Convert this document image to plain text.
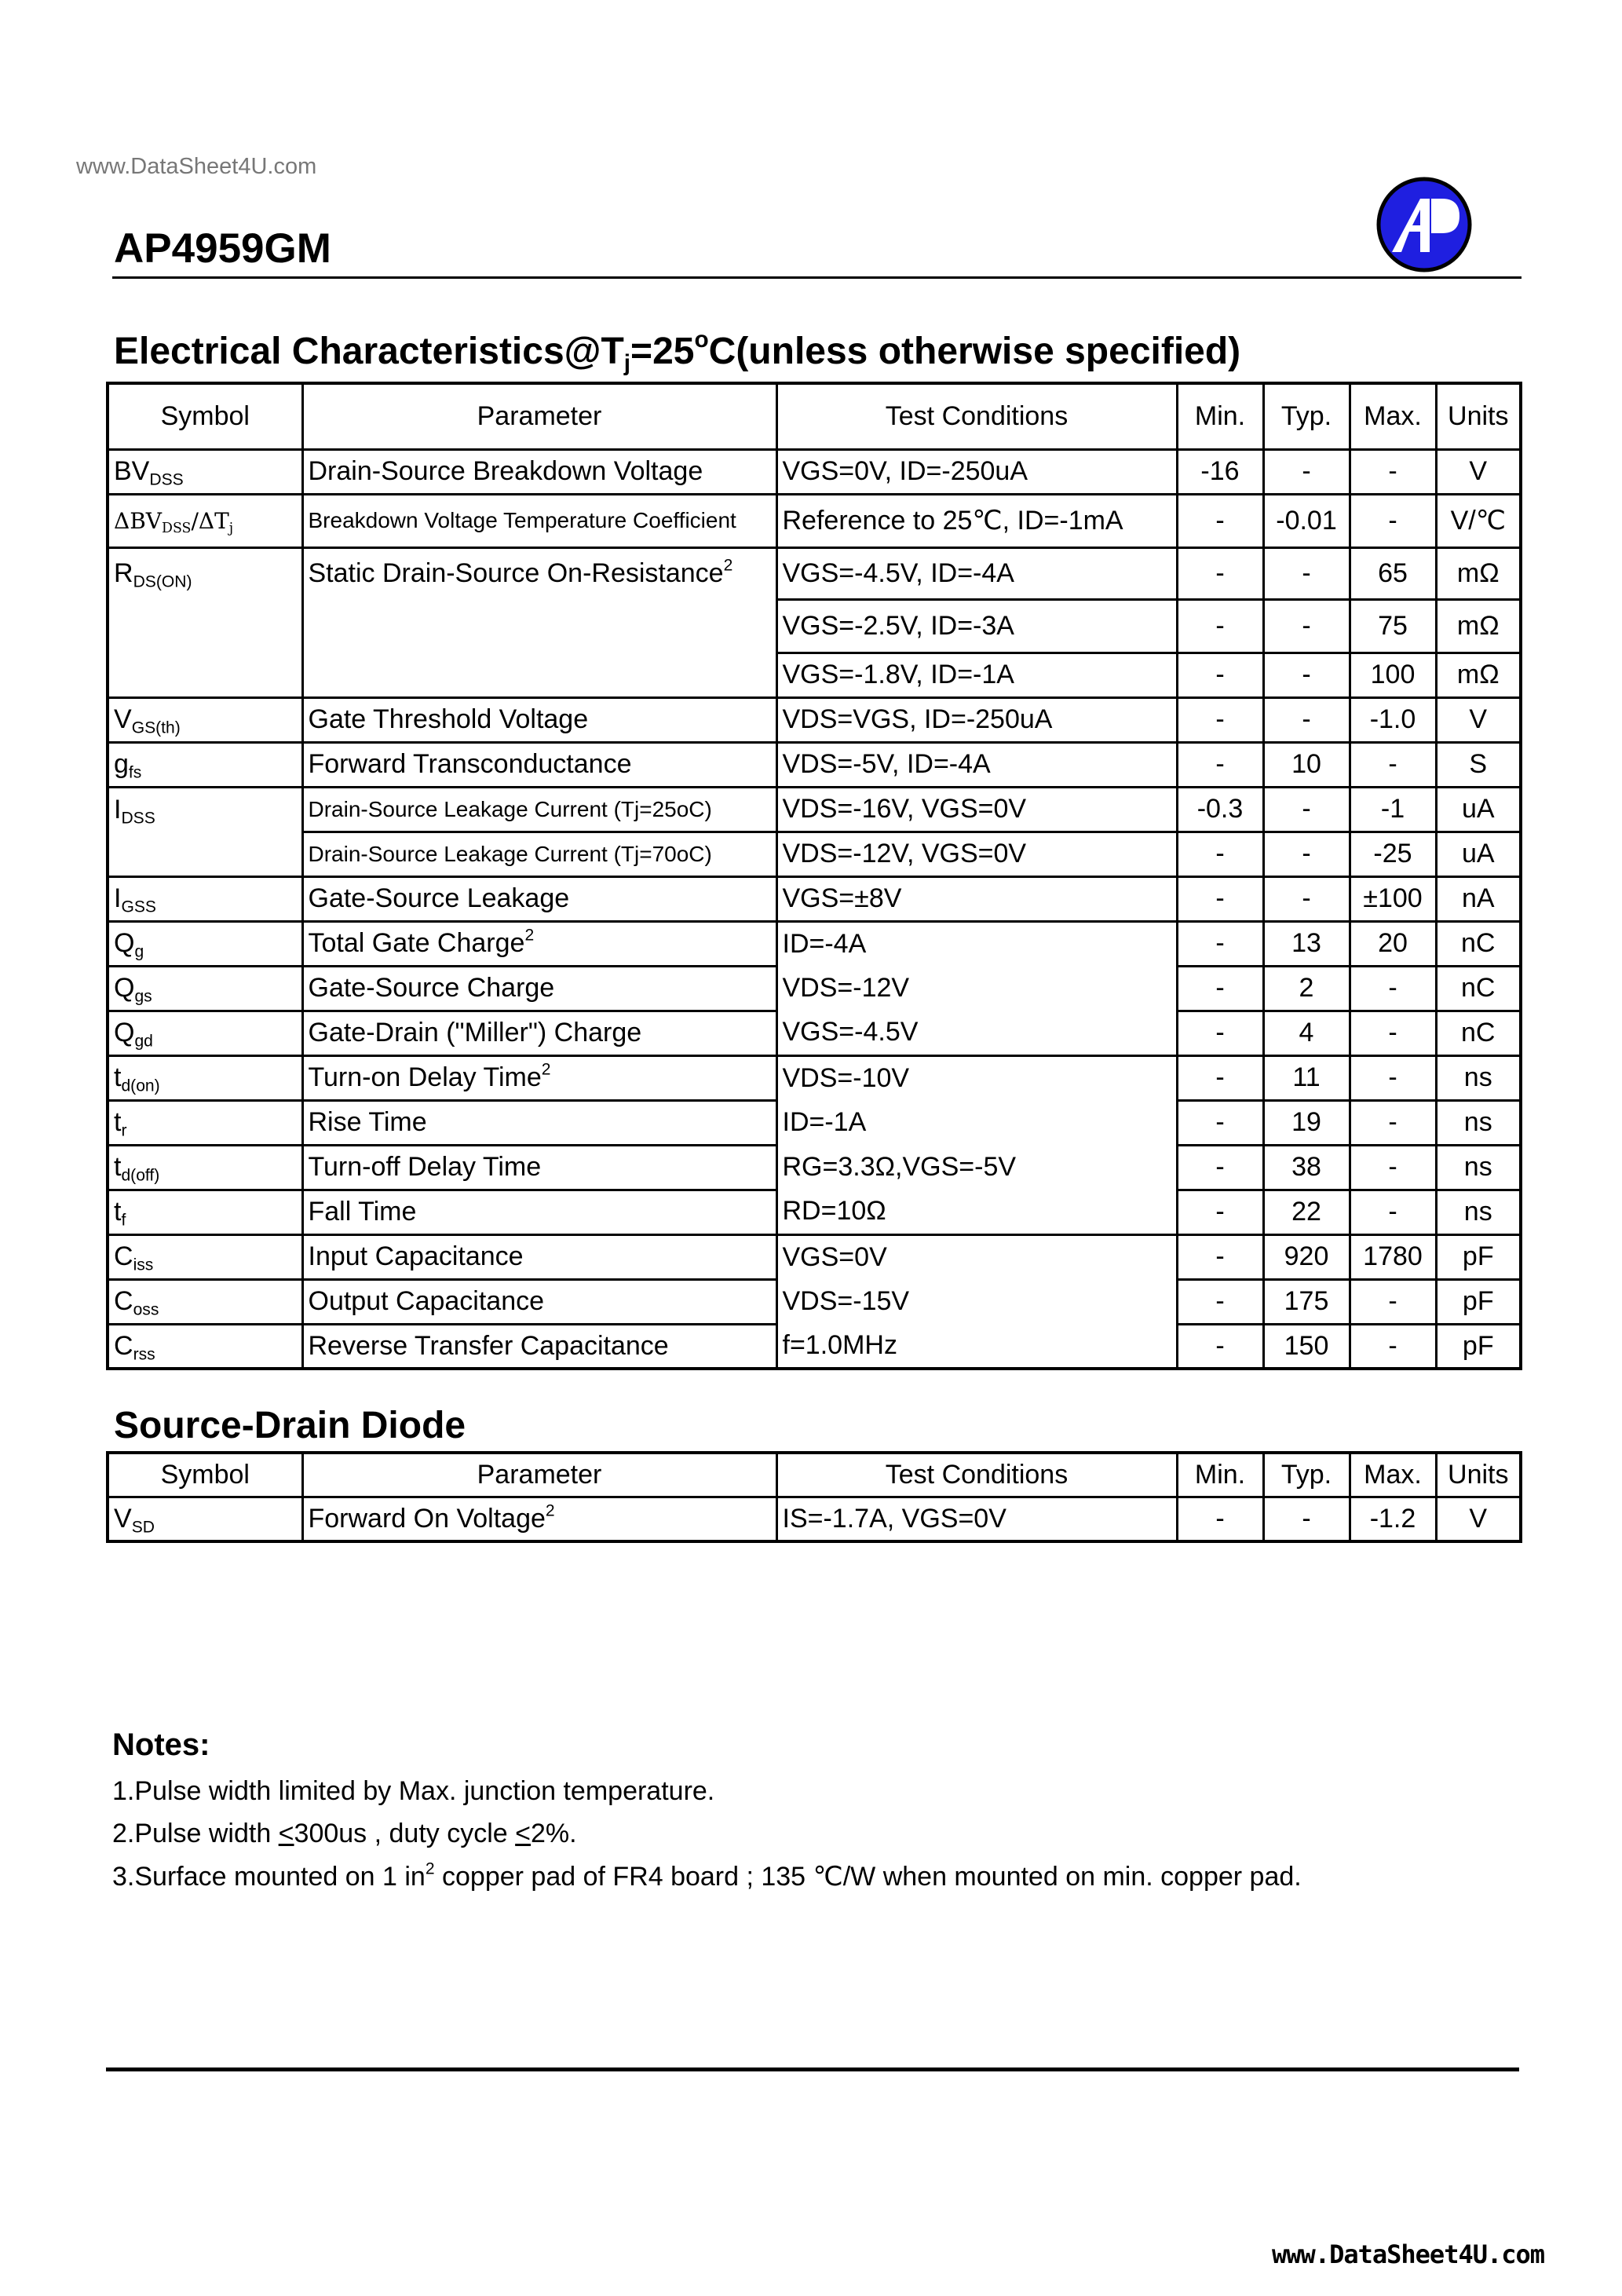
www.DataSheet4U.com
AP4959GM
Electrical $Characteristics@T_j=25^oC(unless$ otherwise specified)
Symbol	Parameter	Test Conditions	Min.	Typ.	Max.	Units
$BV_{DSS}$	Drain-Source Breakdown Voltage	VGS=0V, ID=-250uA	-16	-	-	V
$\Delta BV_{DSS}/\Delta T_j$	Breakdown Voltage Temperature Coefficient	Reference to 25℃, ID=-1mA	-	-0.01	-	V/℃
$R_{DS(ON)}$	Static Drain-Source On-Resistance$^2$	VGS=-4.5V, ID=-4A	-	-	65	mΩ
		VGS=-2.5V, ID=-3A	-	-	75	mΩ
		VGS=-1.8V, ID=-1A	-	-	100	mΩ
$V_{GS(th)}$	Gate Threshold Voltage	VDS=VGS, ID=-250uA	-	-	-1.0	V
$g_{fs}$	Forward Transconductance	VDS=-5V, ID=-4A	-	10	-	S
$I_{DSS}$	Drain-Source Leakage Current (Tj=25oC)	VDS=-16V, VGS=0V	-0.3	-	-1	uA
	Drain-Source Leakage Current (Tj=70oC)	VDS=-12V, VGS=0V	-	-	-25	uA
$I_{GSS}$	Gate-Source Leakage	VGS=±8V	-	-	±100	nA
$Q_g$	Total Gate Charge$^2$	ID=-4A	-	13	20	nC
$Q_{gs}$	Gate-Source Charge	VDS=-12V	-	2	-	nC
$Q_{gd}$	Gate-Drain ("Miller") Charge	VGS=-4.5V	-	4	-	nC
$t_{d(on)}$	Turn-on Delay Time$^2$	VDS=-10V	-	11	-	ns
$t_r$	Rise Time	ID=-1A	-	19	-	ns
$t_{d(off)}$	Turn-off Delay Time	RG=3.3Ω,VGS=-5V	-	38	-	ns
$t_f$	Fall Time	RD=10Ω	-	22	-	ns
$C_{iss}$	Input Capacitance	VGS=0V	-	920	1780	pF
$C_{oss}$	Output Capacitance	VDS=-15V	-	175	-	pF
$C_{rss}$	Reverse Transfer Capacitance	f=1.0MHz	-	150	-	pF
Source-Drain Diode
Symbol	Parameter	Test Conditions	Min.	Typ.	Max.	Units
$V_{SD}$	Forward On Voltage$^2$	IS=-1.7A, VGS=0V	-	-	-1.2	V
Notes:
1.Pulse width limited by Max. junction temperature.
2.Pulse width <300us , duty cycle <2%.
3.Surface mounted on 1 $in^2$ copper pad of FR4 board ; 135 ℃/W when mounted on min. copper pad.
www.DataSheet4U.com
